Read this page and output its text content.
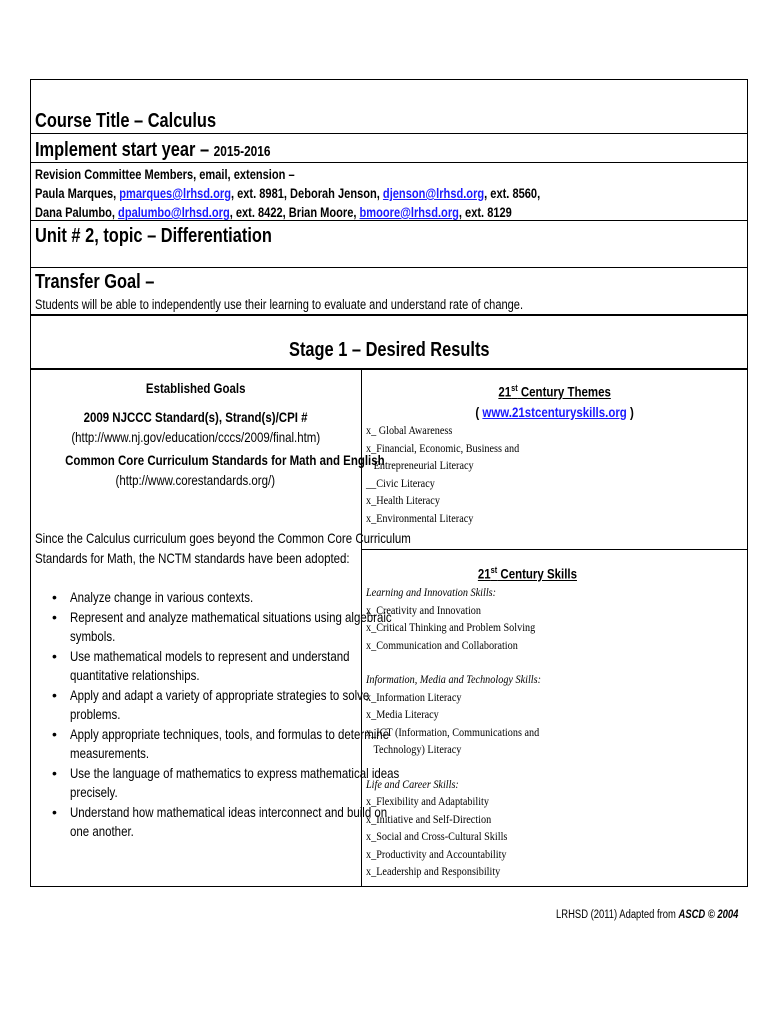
Course Title – Calculus
Implement start year – 2015-2016
Revision Committee Members, email, extension –
Paula Marques, pmarques@lrhsd.org, ext. 8981, Deborah Jenson, djenson@lrhsd.org, ext. 8560,
Dana Palumbo, dpalumbo@lrhsd.org, ext. 8422, Brian Moore, bmoore@lrhsd.org, ext. 8129
Unit # 2, topic – Differentiation
Transfer Goal –
Students will be able to independently use their learning to evaluate and understand rate of change.
Stage 1 – Desired Results
Established Goals
2009 NJCCC Standard(s), Strand(s)/CPI #
(http://www.nj.gov/education/cccs/2009/final.htm)
Common Core Curriculum Standards for Math and English
(http://www.corestandards.org/)
Since the Calculus curriculum goes beyond the Common Core Curriculum
Standards for Math, the NCTM standards have been adopted:
• Analyze change in various contexts.
• Represent and analyze mathematical situations using algebraic
symbols.
• Use mathematical models to represent and understand
quantitative relationships.
• Apply and adapt a variety of appropriate strategies to solve
problems.
• Apply appropriate techniques, tools, and formulas to determine
measurements.
• Use the language of mathematics to express mathematical ideas
precisely.
• Understand how mathematical ideas interconnect and build on
one another.
21st Century Themes
( www.21stcenturyskills.org )
x_ Global Awareness
x_Financial, Economic, Business and
Entrepreneurial Literacy
__Civic Literacy
x_Health Literacy
x_Environmental Literacy
21st Century Skills
Learning and Innovation Skills:
x_Creativity and Innovation
x_Critical Thinking and Problem Solving
x_Communication and Collaboration
Information, Media and Technology Skills:
x_Information Literacy
x_Media Literacy
x_ICT (Information, Communications and
Technology) Literacy
Life and Career Skills:
x_Flexibility and Adaptability
x_Initiative and Self-Direction
x_Social and Cross-Cultural Skills
x_Productivity and Accountability
x_Leadership and Responsibility
LRHSD (2011) Adapted from ASCD © 2004
